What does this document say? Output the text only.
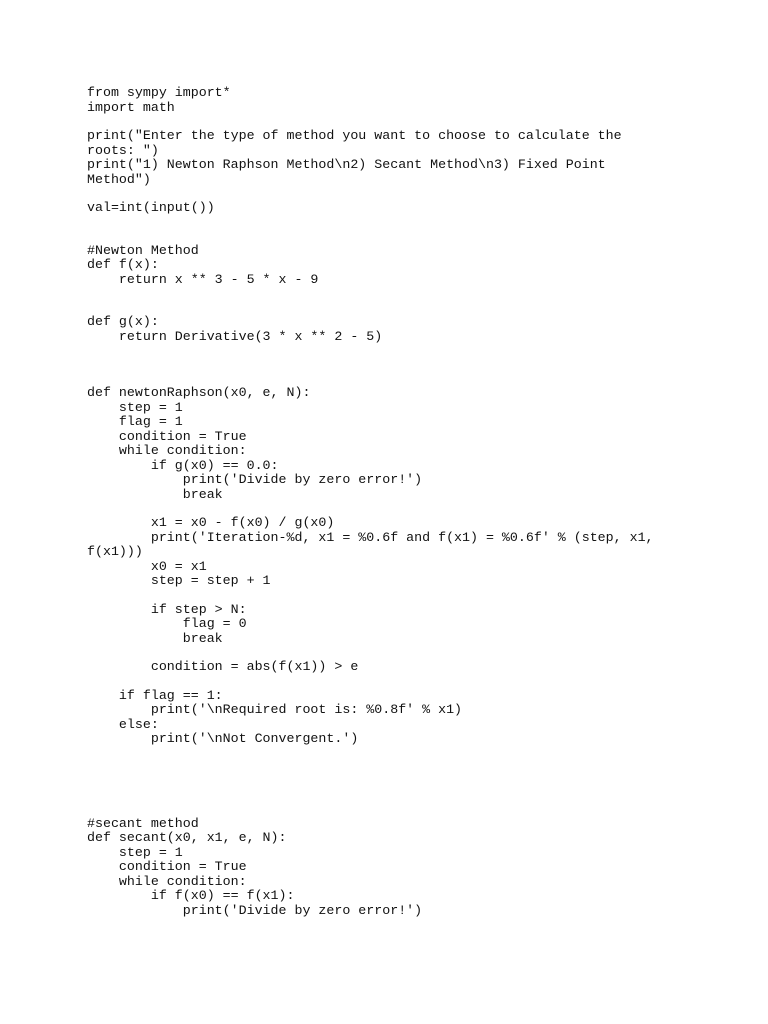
from sympy import*
import math
print("Enter the type of method you want to choose to calculate the
roots: ")
print("1) Newton Raphson Method\n2) Secant Method\n3) Fixed Point
Method")
val=int(input())
#Newton Method
def f(x):
return x ** 3 - 5 * x - 9
def g(x):
return Derivative(3 * x ** 2 - 5)
def newtonRaphson(x0, e, N):
step = 1
flag = 1
condition = True
while condition:
if g(x0) == 0.0:
print('Divide by zero error!')
break
x1 = x0 - f(x0) / g(x0)
print('Iteration-%d, x1 = %0.6f and f(x1) = %0.6f' % (step, x1,
f(x1)))
x0 = x1
step = step + 1
if step > N:
flag = 0
break
condition = abs(f(x1)) > e
if flag == 1:
print('\nRequired root is: %0.8f' % x1)
else:
print('\nNot Convergent.')
#secant method
def secant(x0, x1, e, N):
step = 1
condition = True
while condition:
if f(x0) == f(x1):
print('Divide by zero error!')
